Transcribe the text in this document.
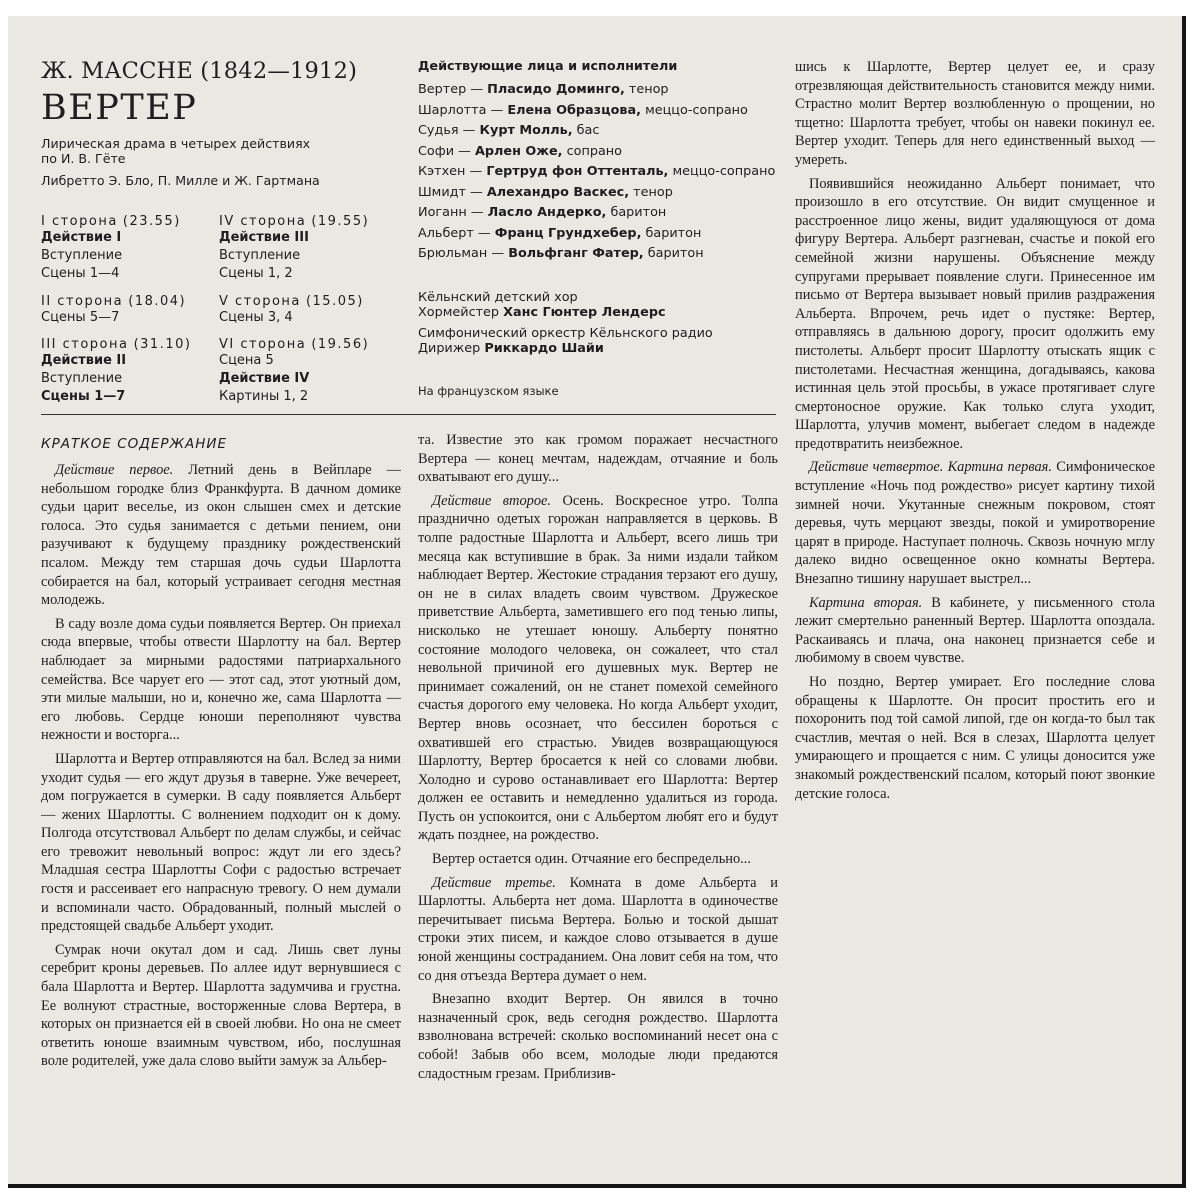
Ж. МАССНЕ (1842—1912)
ВЕРТЕР
Лирическая драма в четырех действиях
по И. В. Гёте
Либретто Э. Бло, П. Милле и Ж. Гартмана
I сторона (23.55)
Действие I
Вступление
Сцены 1—4
II сторона (18.04)
Сцены 5—7
III сторона (31.10)
Действие II
Вступление
Сцены 1—7
IV сторона (19.55)
Действие III
Вступление
Сцены 1, 2
V сторона (15.05)
Сцены 3, 4
VI сторона (19.56)
Сцена 5
Действие IV
Картины 1, 2
Действующие лица и исполнители
Вертер — Пласидо Доминго, тенор
Шарлотта — Елена Образцова, меццо-сопрано
Судья — Курт Молль, бас
Софи — Арлен Оже, сопрано
Кэтхен — Гертруд фон Оттенталь, меццо-сопрано
Шмидт — Алехандро Васкес, тенор
Иоганн — Ласло Андерко, баритон
Альберт — Франц Грундхебер, баритон
Брюльман — Вольфганг Фатер, баритон
Кёльнский детский хор
Хормейстер Ханс Гюнтер Лендерс
Симфонический оркестр Кёльнского радио
Дирижер Риккардо Шайи
На французском языке
КРАТКОЕ СОДЕРЖАНИЕ

Действие первое. Летний день в Вейпларе — небольшом городке близ Франкфурта. В дачном домике судьи царит веселье, из окон слышен смех и детские голоса. Это судья занимается с детьми пением, они разучивают к будущему празднику рождественский псалом. Между тем старшая дочь судьи Шарлотта собирается на бал, который устраивает сегодня местная молодежь.

В саду возле дома судьи появляется Вертер. Он приехал сюда впервые, чтобы отвести Шарлотту на бал. Вертер наблюдает за мирными радостями патриархального семейства. Все чарует его — этот сад, этот уютный дом, эти милые малыши, но и, конечно же, сама Шарлотта — его любовь. Сердце юноши переполняют чувства нежности и восторга...

Шарлотта и Вертер отправляются на бал. Вслед за ними уходит судья — его ждут друзья в таверне. Уже вечереет, дом погружается в сумерки. В саду появляется Альберт — жених Шарлотты. С волнением подходит он к дому. Полгода отсутствовал Альберт по делам службы, и сейчас его тревожит невольный вопрос: ждут ли его здесь? Младшая сестра Шарлотты Софи с радостью встречает гостя и рассеивает его напрасную тревогу. О нем думали и вспоминали часто. Обрадованный, полный мыслей о предстоящей свадьбе Альберт уходит.

Сумрак ночи окутал дом и сад. Лишь свет луны серебрит кроны деревьев. По аллее идут вернувшиеся с бала Шарлотта и Вертер. Шарлотта задумчива и грустна. Ее волнуют страстные, восторженные слова Вертера, в которых он признается ей в своей любви. Но она не смеет ответить юноше взаимным чувством, ибо, послушная воле родителей, уже дала слово выйти замуж за Альбер-

та. Известие это как громом поражает несчастного Вертера — конец мечтам, надеждам, отчаяние и боль охватывают его душу...

Действие второе. Осень. Воскресное утро. Толпа празднично одетых горожан направляется в церковь. В толпе радостные Шарлотта и Альберт, всего лишь три месяца как вступившие в брак. За ними издали тайком наблюдает Вертер. Жестокие страдания терзают его душу, он не в силах владеть своим чувством. Дружеское приветствие Альберта, заметившего его под тенью липы, нисколько не утешает юношу. Альберту понятно состояние молодого человека, он сожалеет, что стал невольной причиной его душевных мук. Вертер не принимает сожалений, он не станет помехой семейного счастья дорогого ему человека. Но когда Альберт уходит, Вертер вновь осознает, что бессилен бороться с охватившей его страстью. Увидев возвращающуюся Шарлотту, Вертер бросается к ней со словами любви. Холодно и сурово останавливает его Шарлотта: Вертер должен ее оставить и немедленно удалиться из города. Пусть он успокоится, они с Альбертом любят его и будут ждать позднее, на рождество.

Вертер остается один. Отчаяние его беспредельно...

Действие третье. Комната в доме Альберта и Шарлотты. Альберта нет дома. Шарлотта в одиночестве перечитывает письма Вертера. Болью и тоской дышат строки этих писем, и каждое слово отзывается в душе юной женщины состраданием. Она ловит себя на том, что со дня отъезда Вертера думает о нем.

Внезапно входит Вертер. Он явился в точно назначенный срок, ведь сегодня рождество. Шарлотта взволнована встречей: сколько воспоминаний несет она с собой! Забыв обо всем, молодые люди предаются сладостным грезам. Приблизив-

шись к Шарлотте, Вертер целует ее, и сразу отрезвляющая действительность становится между ними. Страстно молит Вертер возлюбленную о прощении, но тщетно: Шарлотта требует, чтобы он навеки покинул ее. Вертер уходит. Теперь для него единственный выход — умереть.

Появившийся неожиданно Альберт понимает, что произошло в его отсутствие. Он видит смущенное и расстроенное лицо жены, видит удаляющуюся от дома фигуру Вертера. Альберт разгневан, счастье и покой его семейной жизни нарушены. Объяснение между супругами прерывает появление слуги. Принесенное им письмо от Вертера вызывает новый прилив раздражения Альберта. Впрочем, речь идет о пустяке: Вертер, отправляясь в дальнюю дорогу, просит одолжить ему пистолеты. Альберт просит Шарлотту отыскать ящик с пистолетами. Несчастная женщина, догадываясь, какова истинная цель этой просьбы, в ужасе протягивает слуге смертоносное оружие. Как только слуга уходит, Шарлотта, улучив момент, выбегает следом в надежде предотвратить неизбежное.

Действие четвертое. Картина первая. Симфоническое вступление «Ночь под рождество» рисует картину тихой зимней ночи. Укутанные снежным покровом, стоят деревья, чуть мерцают звезды, покой и умиротворение царят в природе. Наступает полночь. Сквозь ночную мглу далеко видно освещенное окно комнаты Вертера. Внезапно тишину нарушает выстрел...

Картина вторая. В кабинете, у письменного стола лежит смертельно раненный Вертер. Шарлотта опоздала. Раскаиваясь и плача, она наконец признается себе и любимому в своем чувстве.

Но поздно, Вертер умирает. Его последние слова обращены к Шарлотте. Он просит простить его и похоронить под той самой липой, где он когда-то был так счастлив, мечтая о ней. Вся в слезах, Шарлотта целует умирающего и прощается с ним. С улицы доносится уже знакомый рождественский псалом, который поют звонкие детские голоса.
